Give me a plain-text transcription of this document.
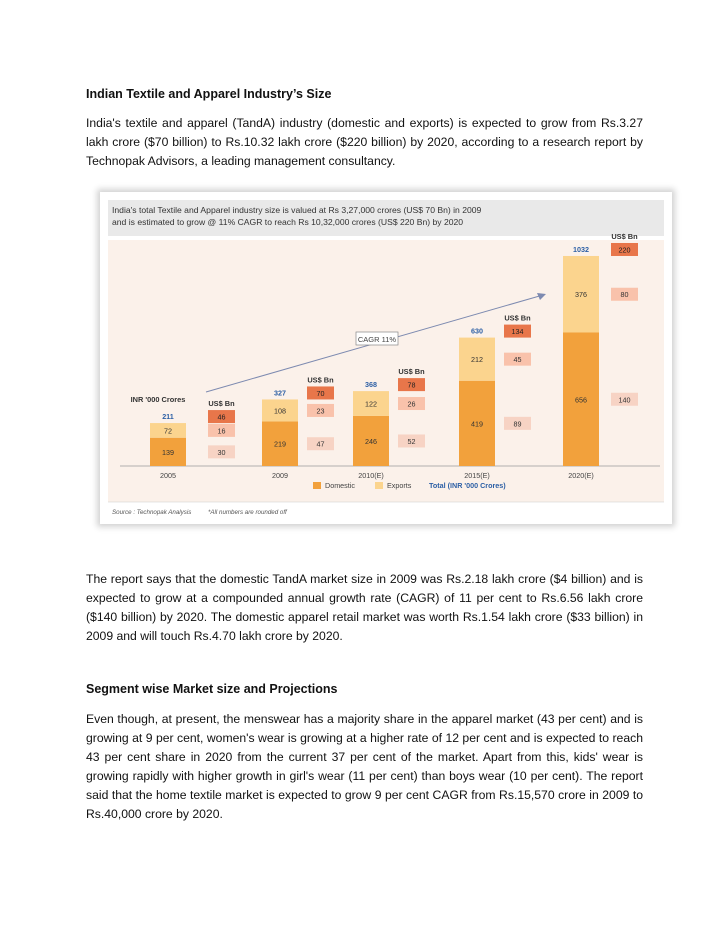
Indian Textile and Apparel Industry’s Size
India's textile and apparel (TandA) industry (domestic and exports) is expected to grow from Rs.3.27 lakh crore ($70 billion) to Rs.10.32 lakh crore ($220 billion) by 2020, according to a research report by Technopak Advisors, a leading management consultancy.
The report says that the domestic TandA market size in 2009 was Rs.2.18 lakh crore ($4 billion) and is expected to grow at a compounded annual growth rate (CAGR) of 11 per cent to Rs.6.56 lakh crore ($140 billion) by 2020. The domestic apparel retail market was worth Rs.1.54 lakh crore ($33 billion) in 2009 and will touch Rs.4.70 lakh crore by 2020.
Segment wise Market size and Projections
Even though, at present, the menswear has a majority share in the apparel market (43 per cent) and is growing at 9 per cent, women's wear is growing at a higher rate of 12 per cent and is expected to reach 43 per cent share in 2020 from the current 37 per cent of the market. Apart from this, kids' wear is growing rapidly with higher growth in girl's wear (11 per cent) than boys wear (10 per cent). The report said that the home textile market is expected to grow 9 per cent CAGR from Rs.15,570 crore in 2009 to Rs.40,000 crore by 2020.
India's total Textile and Apparel industry size is valued at Rs 3,27,000 crores (US$ 70 Bn) in 2009
and is estimated to grow @ 11% CAGR to reach Rs 10,32,000 crores (US$ 220 Bn) by 2020
CAGR 11%
INR '000 Crores
139
72
211
2005
30
16
46
US$ Bn
219
108
327
2009
47
23
70
US$ Bn
246
122
368
2010(E)
52
26
78
US$ Bn
419
212
630
2015(E)
89
45
134
US$ Bn
656
376
1032
2020(E)
140
80
220
US$ Bn
Domestic	Exports Total (INR '000 Crores)
Source : Technopak Analysis	*All numbers are rounded off
